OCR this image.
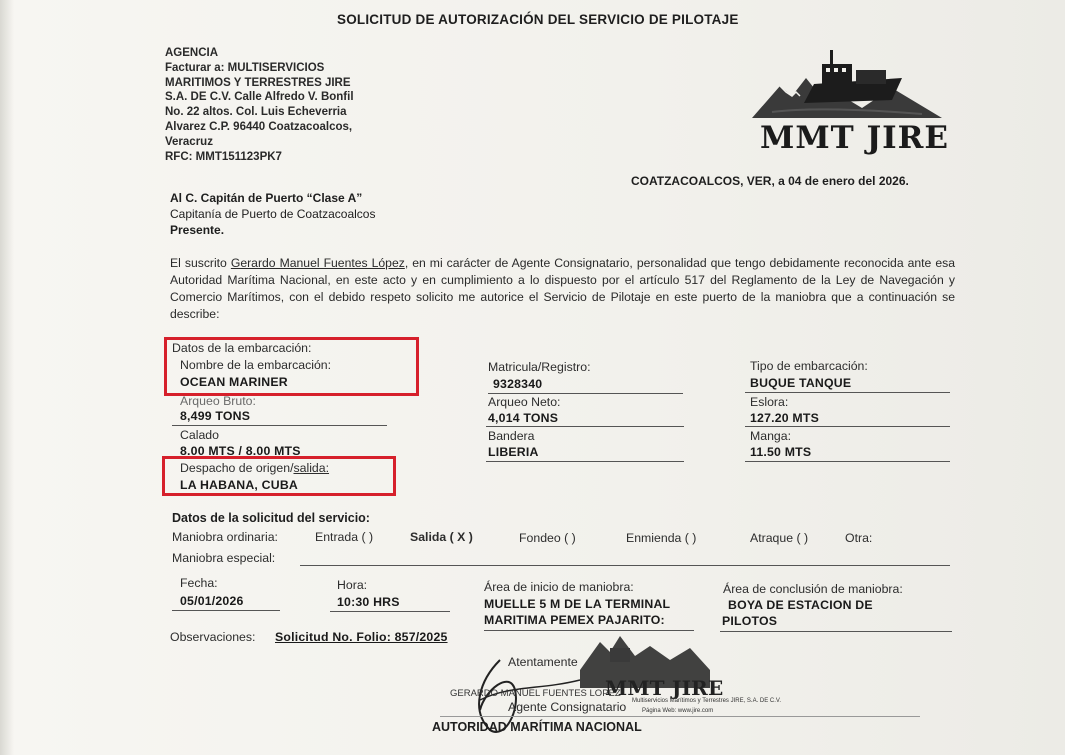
SOLICITUD DE AUTORIZACIÓN DEL SERVICIO DE PILOTAJE
AGENCIA
Facturar a: MULTISERVICIOS
MARITIMOS Y TERRESTRES JIRE
S.A. DE C.V. Calle Alfredo V. Bonfil
No. 22 altos. Col. Luis Echeverria
Alvarez C.P. 96440 Coatzacoalcos,
Veracruz
RFC: MMT151123PK7
MMT JIRE
COATZACOALCOS, VER, a 04 de enero del 2026.
Al C. Capitán de Puerto “Clase A”
Capitanía de Puerto de Coatzacoalcos
Presente.
El suscrito Gerardo Manuel Fuentes López, en mi carácter de Agente Consignatario, personalidad que tengo debidamente reconocida ante esa Autoridad Marítima Nacional, en este acto y en cumplimiento a lo dispuesto por el artículo 517 del Reglamento de la Ley de Navegación y Comercio Marítimos, con el debido respeto solicito me autorice el Servicio de Pilotaje en este puerto de la maniobra que a continuación se describe:
Datos de la embarcación:
Nombre de la embarcación:
OCEAN MARINER
Matricula/Registro:
9328340
Tipo de embarcación:
BUQUE TANQUE
Arqueo Bruto:
8,499 TONS
Arqueo Neto:
4,014 TONS
Eslora:
127.20 MTS
Calado
8.00 MTS / 8.00 MTS
Bandera
LIBERIA
Manga:
11.50 MTS
Despacho de origen/salida:
LA HABANA, CUBA
Datos de la solicitud del servicio:
Maniobra ordinaria:	Entrada ( )	Salida ( X )	Fondeo ( )	Enmienda ( )	Atraque ( )	Otra:
Maniobra especial:
Fecha:
05/01/2026
Hora:
10:30 HRS
Área de inicio de maniobra:
MUELLE 5 M DE LA TERMINAL
MARITIMA PEMEX PAJARITO:
Área de conclusión de maniobra:
BOYA DE ESTACION DE
PILOTOS
Observaciones: Solicitud No. Folio: 857/2025
Atentamente
MMT JIRE
Multiservicios Marítimos y Terrestres JIRE, S.A. DE C.V.
Página Web: www.jire.com
GERARDO MANUEL FUENTES LOPEZ
Agente Consignatario
AUTORIDAD MARÍTIMA NACIONAL
